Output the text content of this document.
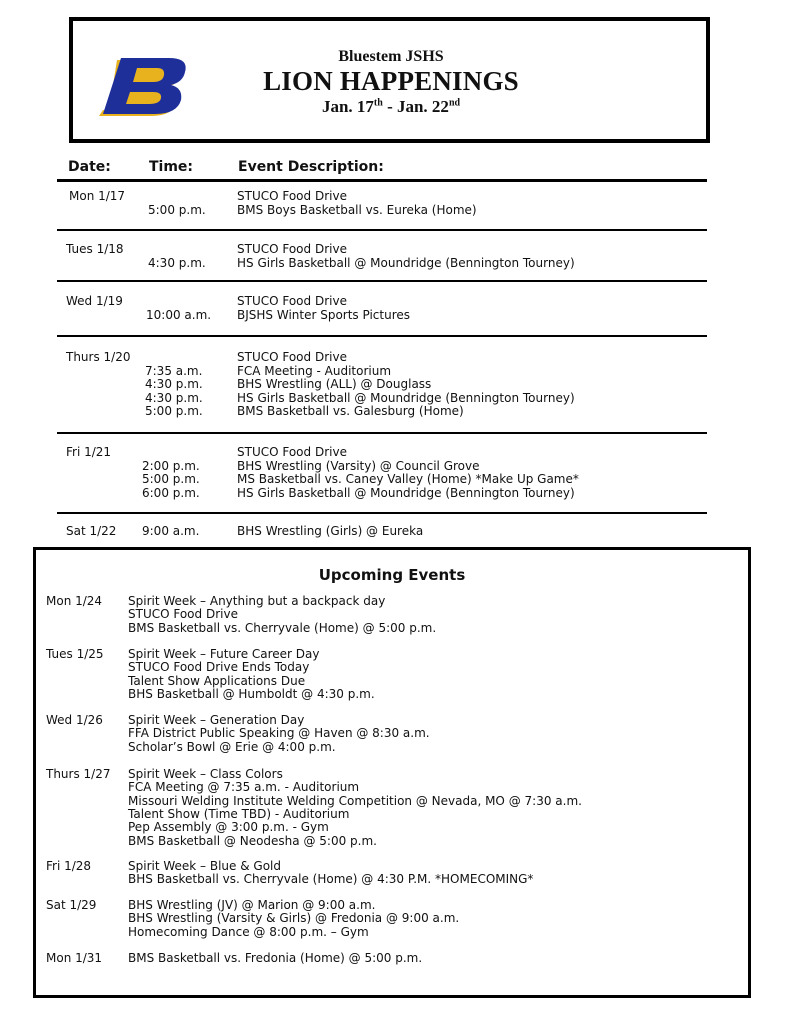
Bluestem JSHS
LION HAPPENINGS
Jan. 17th - Jan. 22nd
Date:	Time:	Event Description:
Mon 1/17	STUCO Food Drive
5:00 p.m.	BMS Boys Basketball vs. Eureka (Home)
Tues 1/18	STUCO Food Drive
4:30 p.m.	HS Girls Basketball @ Moundridge (Bennington Tourney)
Wed 1/19	STUCO Food Drive
10:00 a.m. BJSHS Winter Sports Pictures
Thurs 1/20	STUCO Food Drive
7:35 a.m.	FCA Meeting - Auditorium
4:30 p.m.	BHS Wrestling (ALL) @ Douglass
4:30 p.m.	HS Girls Basketball @ Moundridge (Bennington Tourney)
5:00 p.m.	BMS Basketball vs. Galesburg (Home)
Fri 1/21	STUCO Food Drive
2:00 p.m.	BHS Wrestling (Varsity) @ Council Grove
5:00 p.m.	MS Basketball vs. Caney Valley (Home) *Make Up Game*
6:00 p.m.	HS Girls Basketball @ Moundridge (Bennington Tourney)
Sat 1/22 9:00 a.m.	BHS Wrestling (Girls) @ Eureka
Upcoming Events
Mon 1/24 Spirit Week – Anything but a backpack day
STUCO Food Drive
BMS Basketball vs. Cherryvale (Home) @ 5:00 p.m.
Tues 1/25 Spirit Week – Future Career Day
STUCO Food Drive Ends Today
Talent Show Applications Due
BHS Basketball @ Humboldt @ 4:30 p.m.
Wed 1/26 Spirit Week – Generation Day
FFA District Public Speaking @ Haven @ 8:30 a.m.
Scholar’s Bowl @ Erie @ 4:00 p.m.
Thurs 1/27 Spirit Week – Class Colors
FCA Meeting @ 7:35 a.m. - Auditorium
Missouri Welding Institute Welding Competition @ Nevada, MO @ 7:30 a.m.
Talent Show (Time TBD) - Auditorium
Pep Assembly @ 3:00 p.m. - Gym
BMS Basketball @ Neodesha @ 5:00 p.m.
Fri 1/28	Spirit Week – Blue & Gold
BHS Basketball vs. Cherryvale (Home) @ 4:30 P.M. *HOMECOMING*
Sat 1/29	BHS Wrestling (JV) @ Marion @ 9:00 a.m.
BHS Wrestling (Varsity & Girls) @ Fredonia @ 9:00 a.m.
Homecoming Dance @ 8:00 p.m. – Gym
Mon 1/31 BMS Basketball vs. Fredonia (Home) @ 5:00 p.m.
